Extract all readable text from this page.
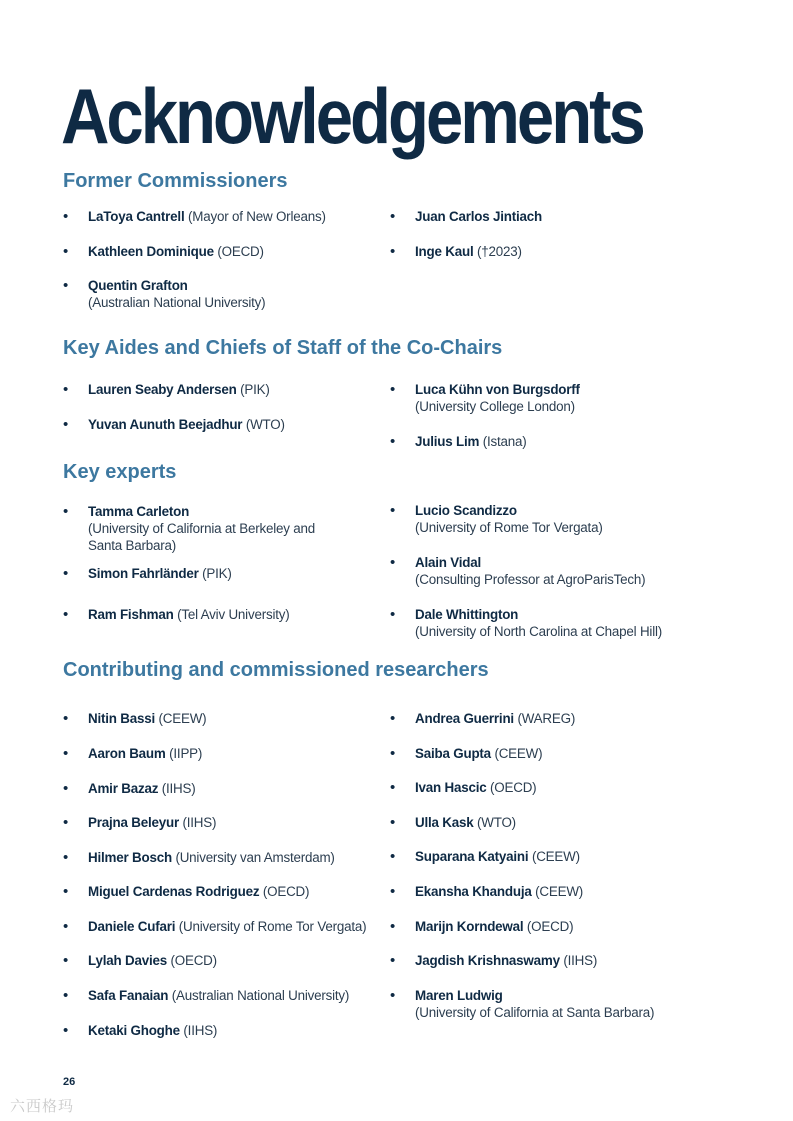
Acknowledgements
Former Commissioners
• LaToya Cantrell (Mayor of New Orleans)
• Kathleen Dominique (OECD)
• Quentin Grafton
(Australian National University)
• Juan Carlos Jintiach
• Inge Kaul (†2023)
Key Aides and Chiefs of Staff of the Co-Chairs
• Lauren Seaby Andersen (PIK)
• Yuvan Aunuth Beejadhur (WTO)
• Luca Kühn von Burgsdorff
(University College London)
• Julius Lim (Istana)
Key experts
• Tamma Carleton
(University of California at Berkeley and
Santa Barbara)
• Simon Fahrländer (PIK)
• Ram Fishman (Tel Aviv University)
• Lucio Scandizzo
(University of Rome Tor Vergata)
• Alain Vidal
(Consulting Professor at AgroParisTech)
• Dale Whittington
(University of North Carolina at Chapel Hill)
Contributing and commissioned researchers
• Nitin Bassi (CEEW)
• Aaron Baum (IIPP)
• Amir Bazaz (IIHS)
• Prajna Beleyur (IIHS)
• Hilmer Bosch (University van Amsterdam)
• Miguel Cardenas Rodriguez (OECD)
• Daniele Cufari (University of Rome Tor Vergata)
• Lylah Davies (OECD)
• Safa Fanaian (Australian National University)
• Ketaki Ghoghe (IIHS)
• Andrea Guerrini (WAREG)
• Saiba Gupta (CEEW)
• Ivan Hascic (OECD)
• Ulla Kask (WTO)
• Suparana Katyaini (CEEW)
• Ekansha Khanduja (CEEW)
• Marijn Korndewal (OECD)
• Jagdish Krishnaswamy (IIHS)
• Maren Ludwig
(University of California at Santa Barbara)

26

六西格玛
